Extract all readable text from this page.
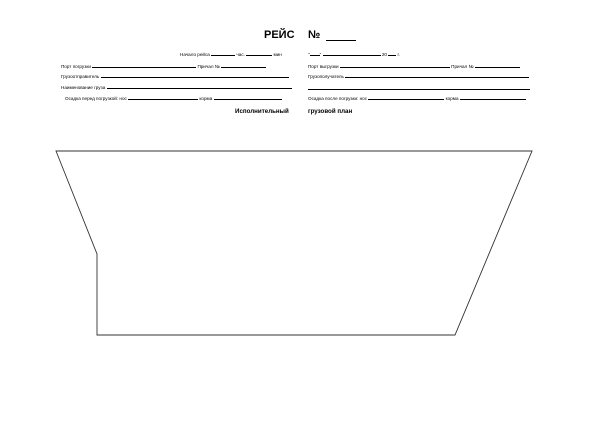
РЕЙС №
Начало рейса	час.	мин	" "	20 г.
Порт погрузки	Причал №
Грузоотправитель
Наименование груза
Осадка перед погрузкой: нос	корма
Порт выгрузки	Причал №
Грузополучатель
Осадка после погрузки: нос	корма
Исполнительный	грузовой план
